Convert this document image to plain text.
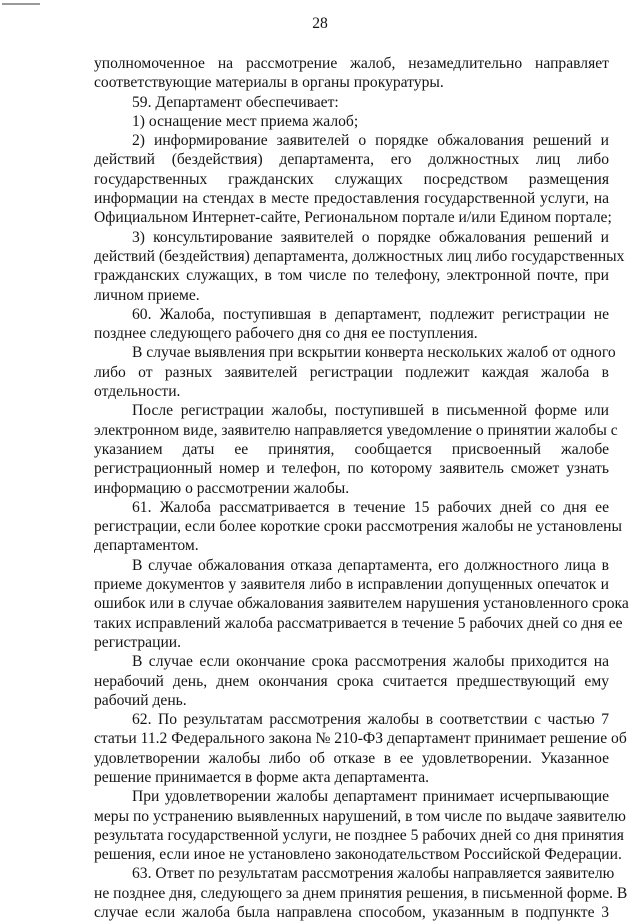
28
уполномоченное на рассмотрение жалоб, незамедлительно направляет
соответствующие материалы в органы прокуратуры.
59. Департамент обеспечивает:
1) оснащение мест приема жалоб;
2) информирование заявителей о порядке обжалования решений и
действий (бездействия) департамента, его должностных лиц либо
государственных гражданских служащих посредством размещения
информации на стендах в месте предоставления государственной услуги, на
Официальном Интернет-сайте, Региональном портале и/или Едином портале;
3) консультирование заявителей о порядке обжалования решений и
действий (бездействия) департамента, должностных лиц либо государственных
гражданских служащих, в том числе по телефону, электронной почте, при
личном приеме.
60. Жалоба, поступившая в департамент, подлежит регистрации не
позднее следующего рабочего дня со дня ее поступления.
В случае выявления при вскрытии конверта нескольких жалоб от одного
либо от разных заявителей регистрации подлежит каждая жалоба в
отдельности.
После регистрации жалобы, поступившей в письменной форме или
электронном виде, заявителю направляется уведомление о принятии жалобы с
указанием даты ее принятия, сообщается присвоенный жалобе
регистрационный номер и телефон, по которому заявитель сможет узнать
информацию о рассмотрении жалобы.
61. Жалоба рассматривается в течение 15 рабочих дней со дня ее
регистрации, если более короткие сроки рассмотрения жалобы не установлены
департаментом.
В случае обжалования отказа департамента, его должностного лица в
приеме документов у заявителя либо в исправлении допущенных опечаток и
ошибок или в случае обжалования заявителем нарушения установленного срока
таких исправлений жалоба рассматривается в течение 5 рабочих дней со дня ее
регистрации.
В случае если окончание срока рассмотрения жалобы приходится на
нерабочий день, днем окончания срока считается предшествующий ему
рабочий день.
62. По результатам рассмотрения жалобы в соответствии с частью 7
статьи 11.2 Федерального закона № 210-ФЗ департамент принимает решение об
удовлетворении жалобы либо об отказе в ее удовлетворении. Указанное
решение принимается в форме акта департамента.
При удовлетворении жалобы департамент принимает исчерпывающие
меры по устранению выявленных нарушений, в том числе по выдаче заявителю
результата государственной услуги, не позднее 5 рабочих дней со дня принятия
решения, если иное не установлено законодательством Российской Федерации.
63. Ответ по результатам рассмотрения жалобы направляется заявителю
не позднее дня, следующего за днем принятия решения, в письменной форме. В
случае если жалоба была направлена способом, указанным в подпункте 3
